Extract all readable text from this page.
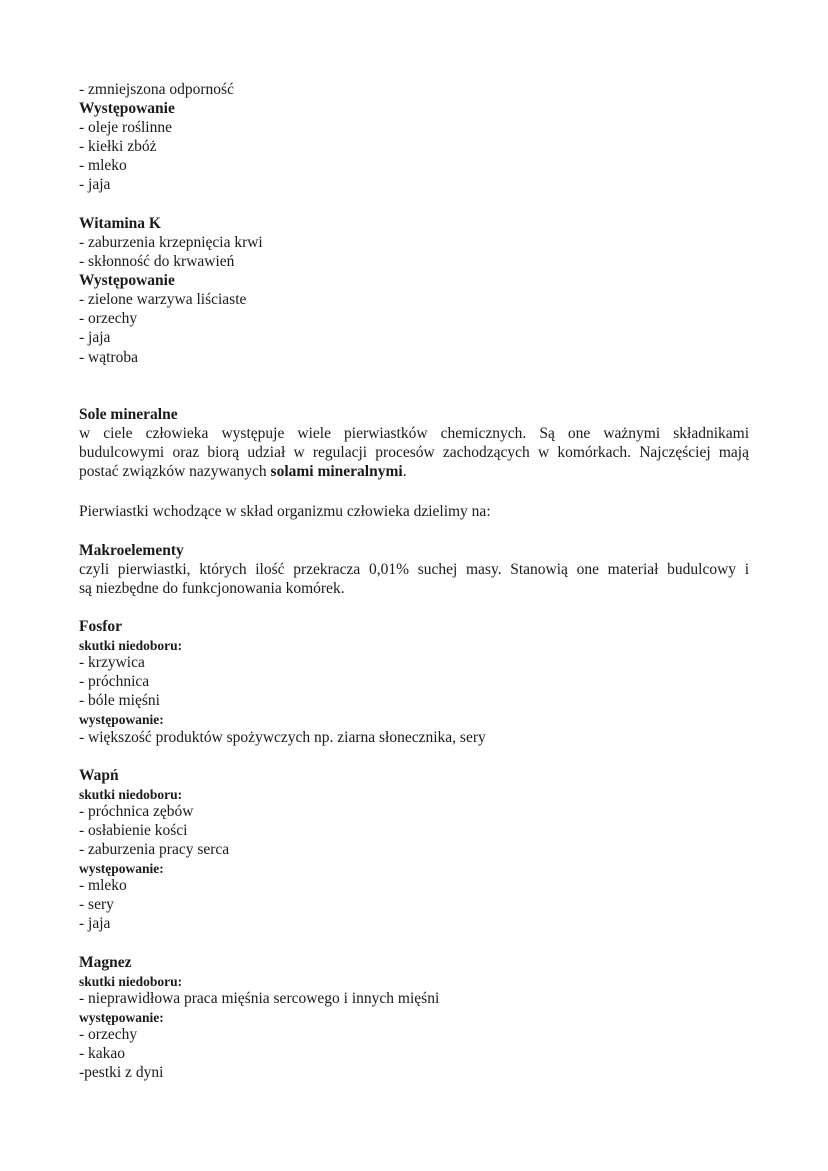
- zmniejszona odporność
Występowanie
- oleje roślinne
- kiełki zbóż
- mleko
- jaja
Witamina K
- zaburzenia krzepnięcia krwi
- skłonność do krwawień
Występowanie
- zielone warzywa liściaste
- orzechy
- jaja
- wątroba
Sole mineralne
w ciele człowieka występuje wiele pierwiastków chemicznych. Są one ważnymi składnikami
budulcowymi oraz biorą udział w regulacji procesów zachodzących w komórkach. Najczęściej mają
postać związków nazywanych solami mineralnymi.
Pierwiastki wchodzące w skład organizmu człowieka dzielimy na:
Makroelementy
czyli pierwiastki, których ilość przekracza 0,01% suchej masy. Stanowią one materiał budulcowy i
są niezbędne do funkcjonowania komórek.
Fosfor
skutki niedoboru:
- krzywica
- próchnica
- bóle mięśni
występowanie:
- większość produktów spożywczych np. ziarna słonecznika, sery
Wapń
skutki niedoboru:
- próchnica zębów
- osłabienie kości
- zaburzenia pracy serca
występowanie:
- mleko
- sery
- jaja
Magnez
skutki niedoboru:
- nieprawidłowa praca mięśnia sercowego i innych mięśni
występowanie:
- orzechy
- kakao
-pestki z dyni
